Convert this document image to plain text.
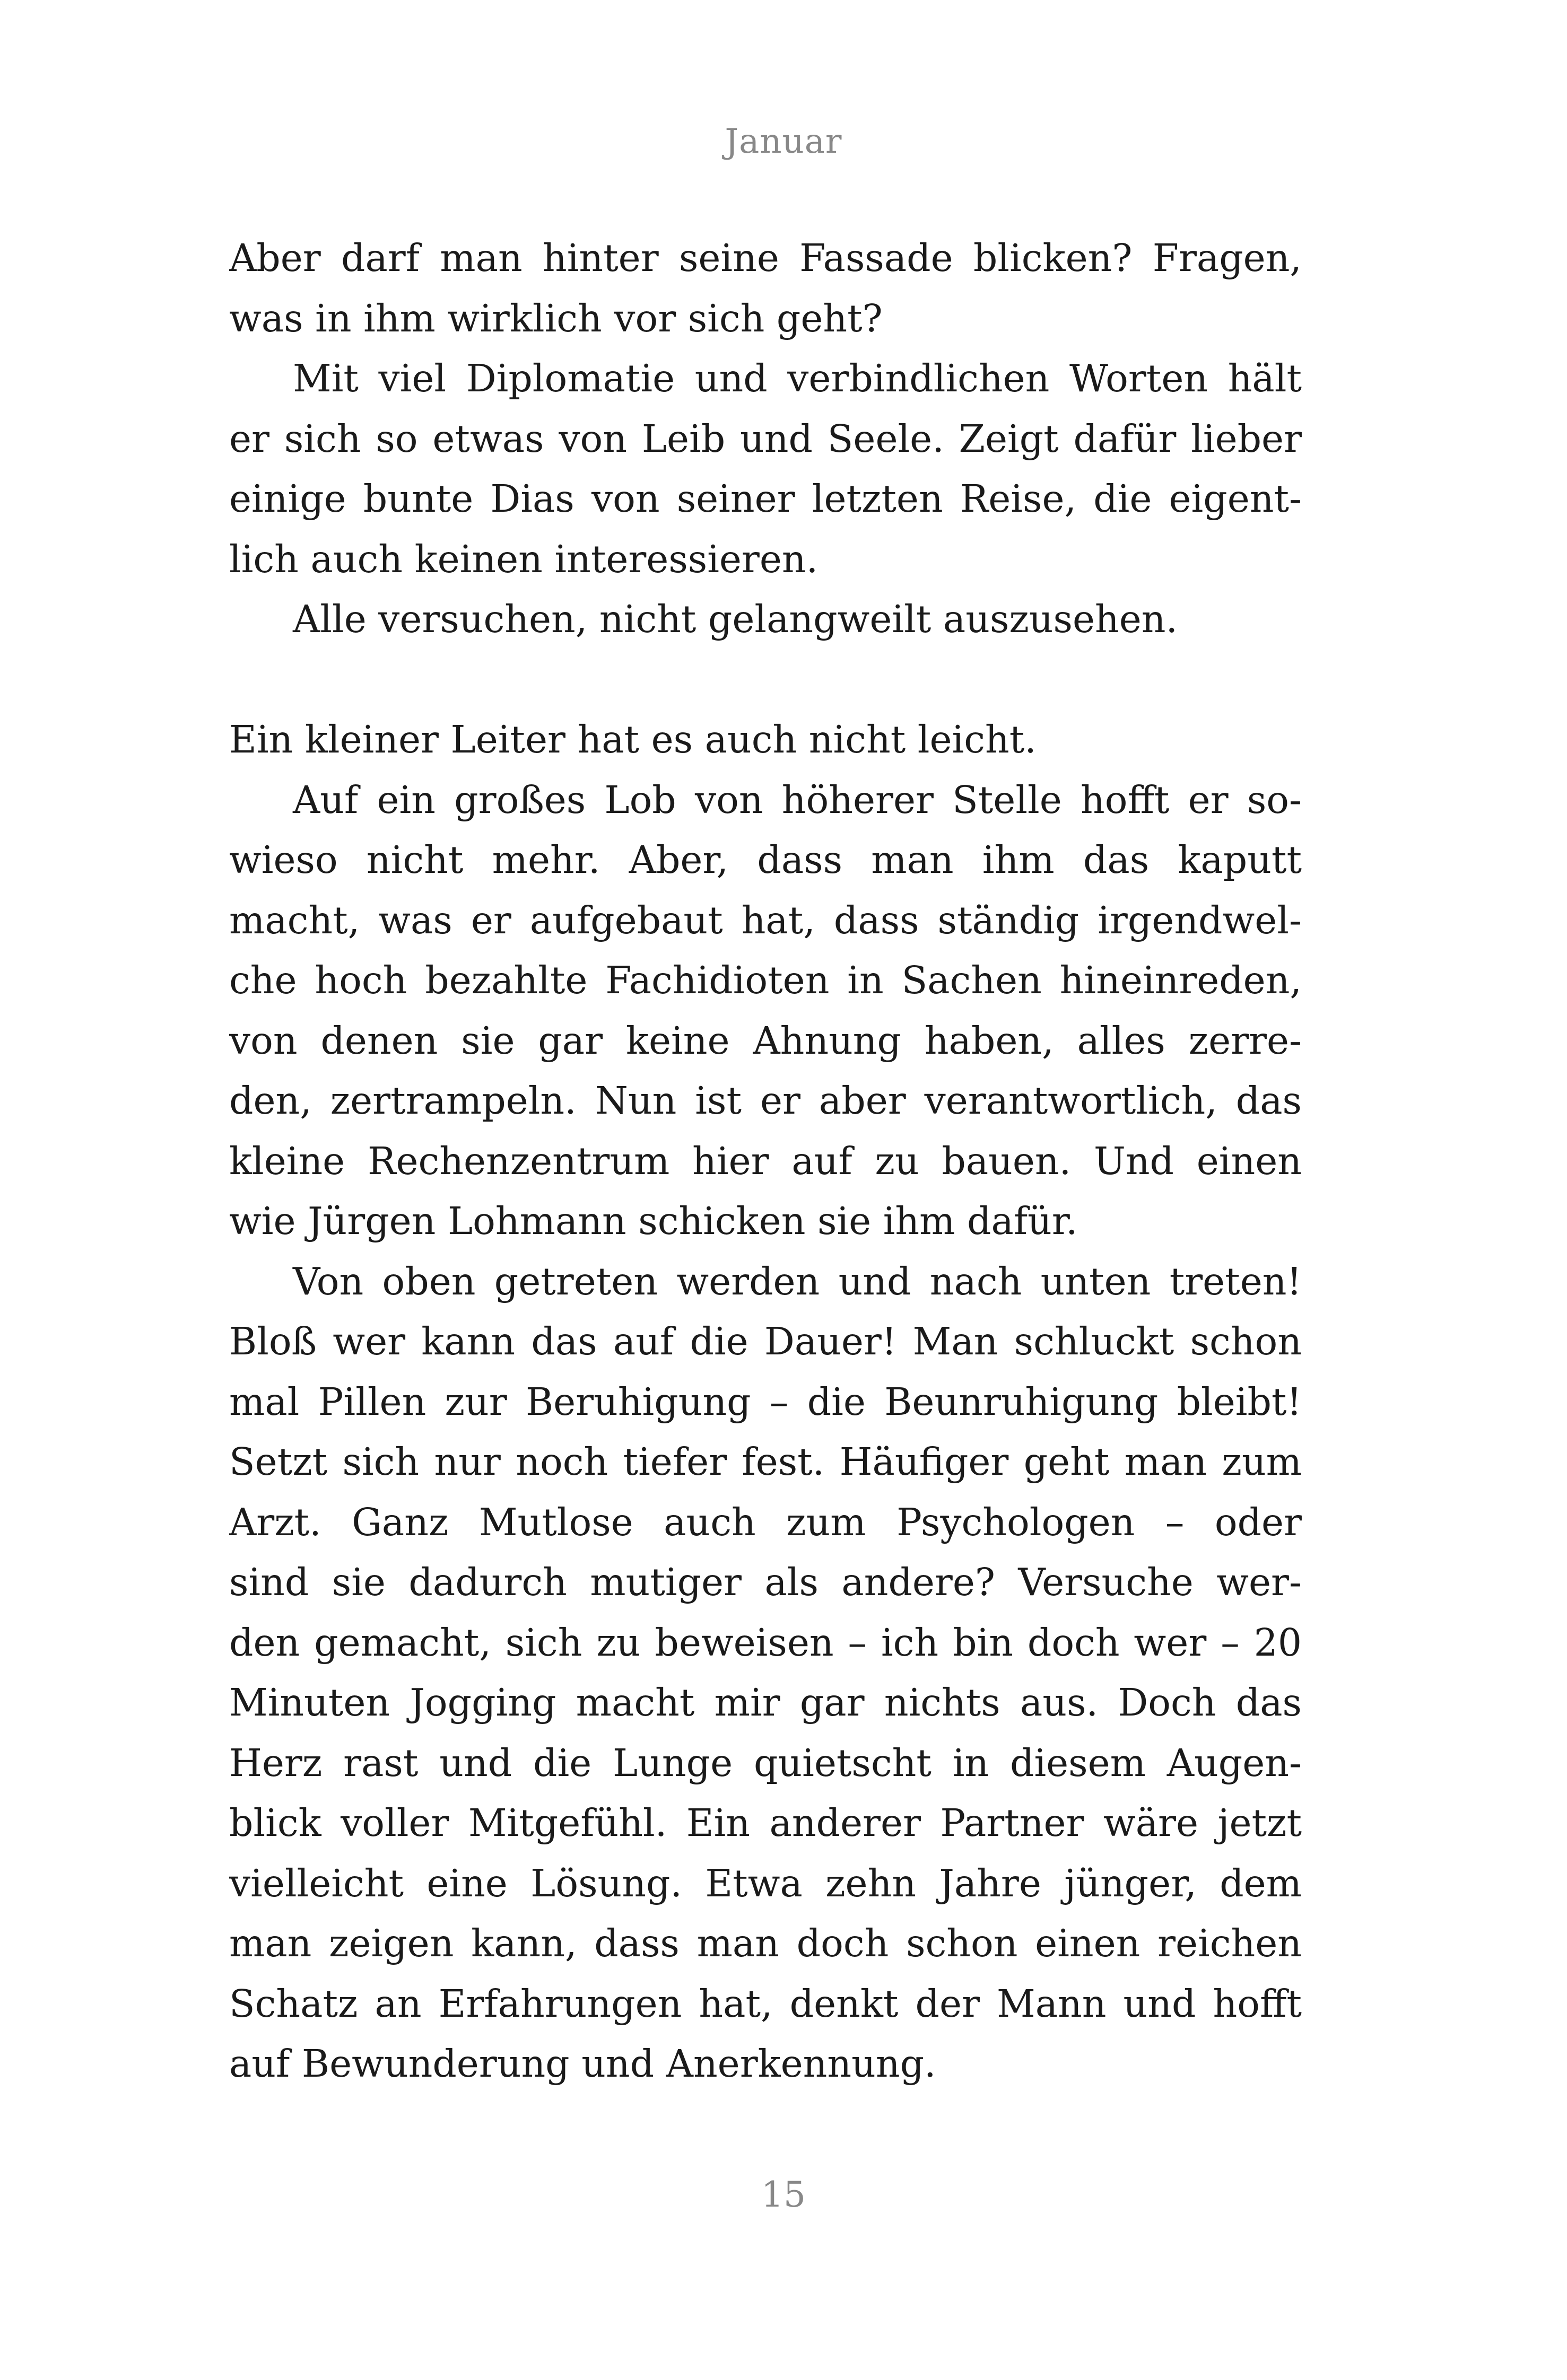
Januar
Aber darf man hinter seine Fassade blicken? Fragen,
was in ihm wirklich vor sich geht?
Mit viel Diplomatie und verbindlichen Worten hält
er sich so etwas von Leib und Seele. Zeigt dafür lieber
einige bunte Dias von seiner letzten Reise, die eigent-
lich auch keinen interessieren.
Alle versuchen, nicht gelangweilt auszusehen.
Ein kleiner Leiter hat es auch nicht leicht.
Auf ein großes Lob von höherer Stelle hofft er so-
wieso nicht mehr. Aber, dass man ihm das kaputt
macht, was er aufgebaut hat, dass ständig irgendwel-
che hoch bezahlte Fachidioten in Sachen hineinreden,
von denen sie gar keine Ahnung haben, alles zerre-
den, zertrampeln. Nun ist er aber verantwortlich, das
kleine Rechenzentrum hier auf zu bauen. Und einen
wie Jürgen Lohmann schicken sie ihm dafür.
Von oben getreten werden und nach unten treten!
Bloß wer kann das auf die Dauer! Man schluckt schon
mal Pillen zur Beruhigung – die Beunruhigung bleibt!
Setzt sich nur noch tiefer fest. Häufiger geht man zum
Arzt. Ganz Mutlose auch zum Psychologen – oder
sind sie dadurch mutiger als andere? Versuche wer-
den gemacht, sich zu beweisen – ich bin doch wer – 20
Minuten Jogging macht mir gar nichts aus. Doch das
Herz rast und die Lunge quietscht in diesem Augen-
blick voller Mitgefühl. Ein anderer Partner wäre jetzt
vielleicht eine Lösung. Etwa zehn Jahre jünger, dem
man zeigen kann, dass man doch schon einen reichen
Schatz an Erfahrungen hat, denkt der Mann und hofft
auf Bewunderung und Anerkennung.
15
